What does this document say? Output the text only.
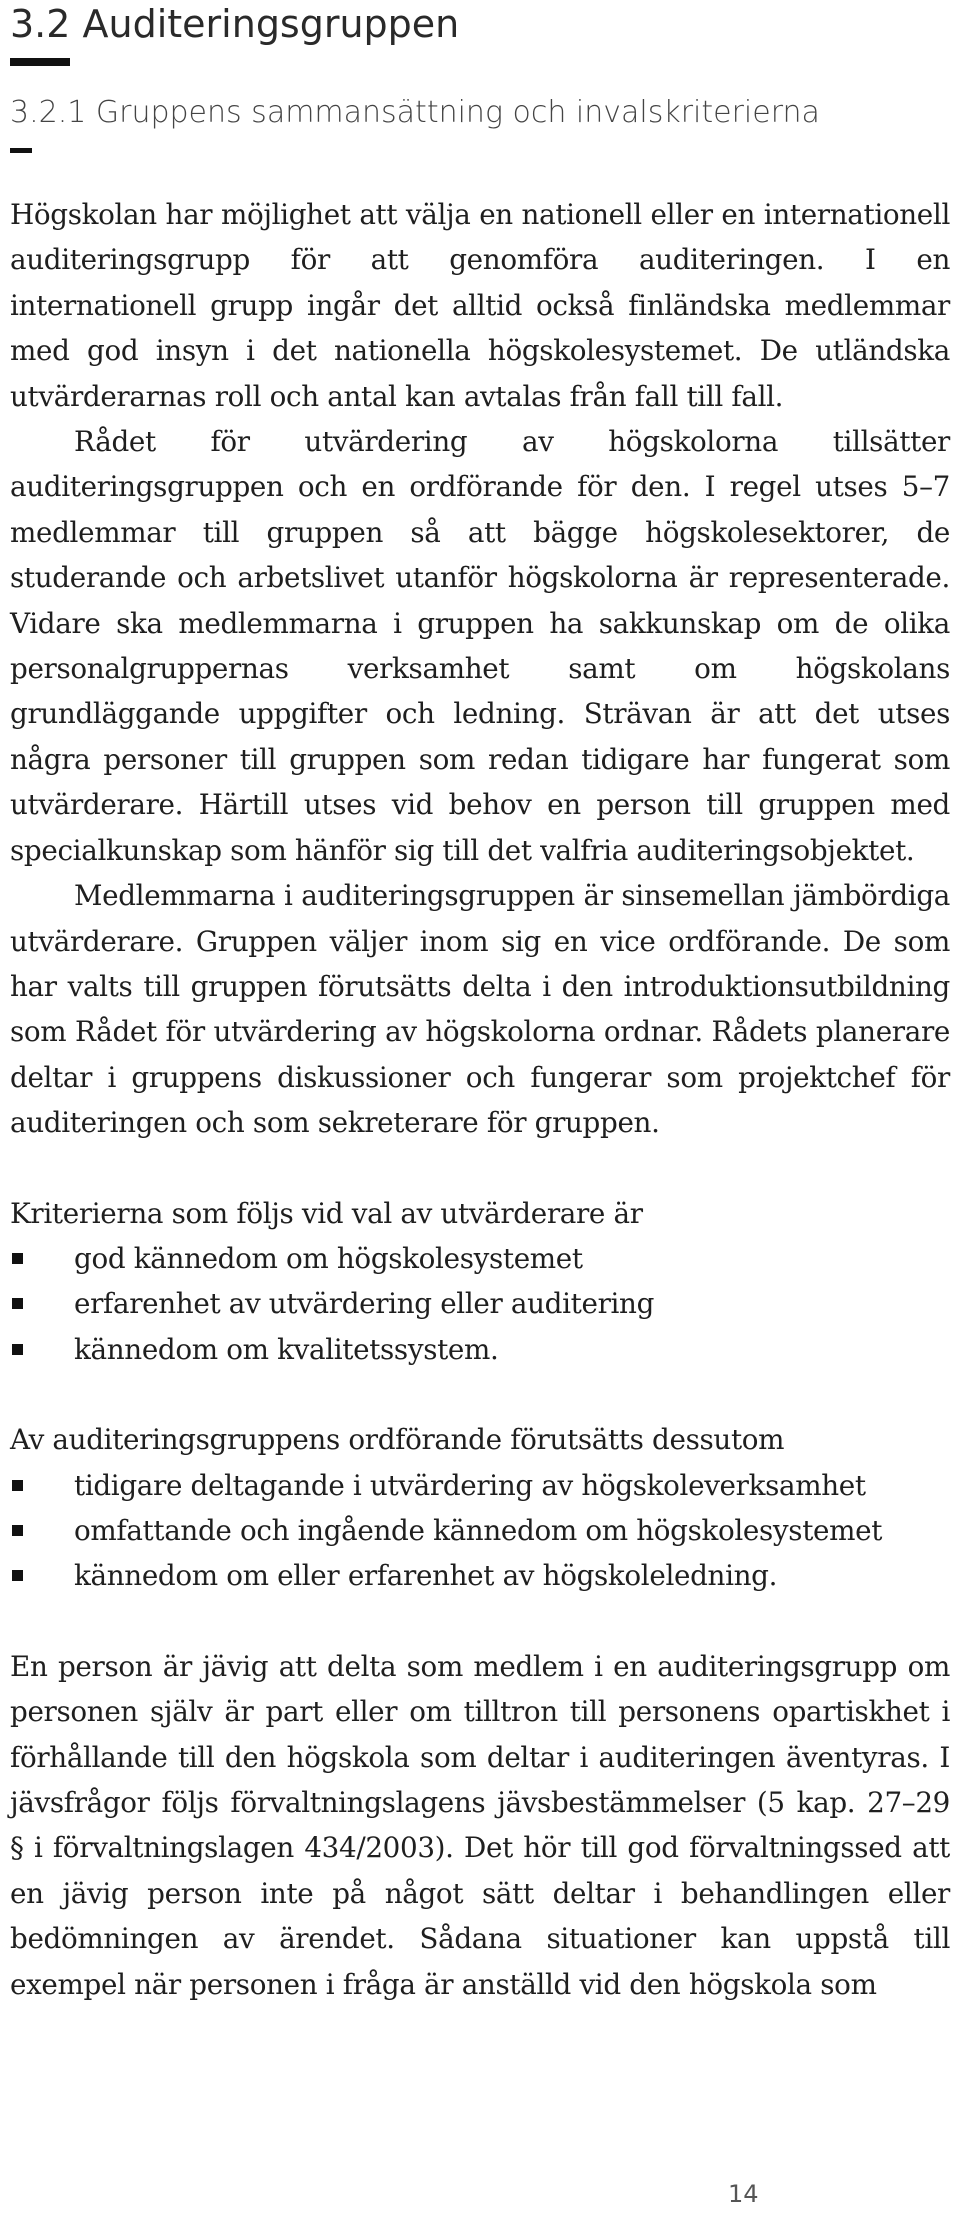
3.2 Auditeringsgruppen
3.2.1 Gruppens sammansättning och invalskriterierna

Högskolan har möjlighet att välja en nationell eller en internationell auditeringsgrupp för att genomföra auditeringen. I en internationell grupp ingår det alltid också finländska medlemmar med god insyn i det nationella högskolesystemet. De utländska utvärderarnas roll och antal kan avtalas från fall till fall.

Rådet för utvärdering av högskolorna tillsätter auditeringsgruppen och en ordförande för den. I regel utses 5–7 medlemmar till gruppen så att bägge högskolesektorer, de studerande och arbetslivet utanför högskolorna är representerade. Vidare ska medlemmarna i gruppen ha sakkunskap om de olika personalgruppernas verksamhet samt om högskolans grundläggande uppgifter och ledning. Strävan är att det utses några personer till gruppen som redan tidigare har fungerat som utvärderare. Härtill utses vid behov en person till gruppen med specialkunskap som hänför sig till det valfria auditeringsobjektet.

Medlemmarna i auditeringsgruppen är sinsemellan jämbördiga utvärderare. Gruppen väljer inom sig en vice ordförande. De som har valts till gruppen förutsätts delta i den introduktionsutbildning som Rådet för utvärdering av högskolorna ordnar. Rådets planerare deltar i gruppens diskussioner och fungerar som projektchef för auditeringen och som sekreterare för gruppen.

Kriterierna som följs vid val av utvärderare är

god kännedom om högskolesystemet
erfarenhet av utvärdering eller auditering
kännedom om kvalitetssystem.

Av auditeringsgruppens ordförande förutsätts dessutom

tidigare deltagande i utvärdering av högskoleverksamhet
omfattande och ingående kännedom om högskolesystemet
kännedom om eller erfarenhet av högskoleledning.

En person är jävig att delta som medlem i en auditeringsgrupp om personen själv är part eller om tilltron till personens opartiskhet i förhållande till den högskola som deltar i auditeringen äventyras. I jävsfrågor följs förvaltningslagens jävsbestämmelser (5 kap. 27–29 § i förvaltningslagen 434/2003). Det hör till god förvaltningssed att en jävig person inte på något sätt deltar i behandlingen eller bedömningen av ärendet. Sådana situationer kan uppstå till exempel när personen i fråga är anställd vid den högskola som

14
